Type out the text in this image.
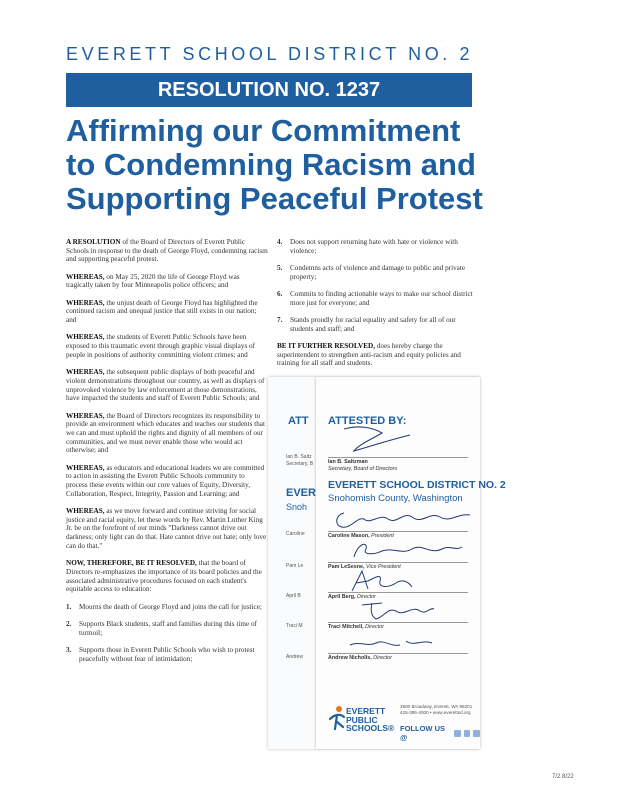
EVERETT SCHOOL DISTRICT NO. 2
RESOLUTION NO. 1237
Affirming our Commitment
to Condemning Racism and
Supporting Peaceful Protest

A RESOLUTION of the Board of Directors of Everett Public Schools in response to the death of George Floyd, condemning racism and supporting peaceful protest.

WHEREAS, on May 25, 2020 the life of George Floyd was tragically taken by four Minneapolis police officers; and

WHEREAS, the unjust death of George Floyd has highlighted the continued racism and unequal justice that still exists in our nation; and

WHEREAS, the students of Everett Public Schools have been exposed to this traumatic event through graphic visual displays of people in positions of authority committing violent crimes; and

WHEREAS, the subsequent public displays of both peaceful and violent demonstrations throughout our country, as well as displays of unprovoked violence by law enforcement at those demonstrations, have impacted the students and staff of Everett Public Schools; and

WHEREAS, the Board of Directors recognizes its responsibility to provide an environment which educates and teaches our students that we can and must uphold the rights and dignity of all members of our communities, and we must never enable those who would act otherwise; and

WHEREAS, as educators and educational leaders we are committed to action in assisting the Everett Public Schools community to process these events within our core values of Equity, Diversity, Collaboration, Respect, Integrity, Passion and Learning; and

WHEREAS, as we move forward and continue striving for social justice and racial equity, let these words by Rev. Martin Luther King Jr. be on the forefront of our minds "Darkness cannot drive out darkness; only light can do that. Hate cannot drive out hate; only love can do that."

NOW, THEREFORE, BE IT RESOLVED, that the board of Directors re-emphasizes the importance of its board policies and the associated administrative procedures focused on each student's equitable access to education:

1.	Mourns the death of George Floyd and joins the call for justice;
2.	Supports Black students, staff and families during this time of turmoil;
3.	Supports those in Everett Public Schools who wish to protest peacefully without fear of intimidation;
4.	Does not support returning hate with hate or violence with violence;
5.	Condemns acts of violence and damage to public and private property;
6.	Commits to finding actionable ways to make our school district more just for everyone; and
7.	Stands proudly for racial equality and safety for all of our students and staff; and

BE IT FURTHER RESOLVED, does hereby charge the superintendent to strengthen anti-racism and equity policies and training for all staff and students.

ATT
Ian B. Saltz
Secretary, B
EVER
Snoh
Caroline
Pam Le
April B
Traci M
Andrew
ATTESTED BY:
Ian B. Saltzman
Secretary, Board of Directors
EVERETT SCHOOL DISTRICT NO. 2
Snohomish County, Washington
Caroline Mason, President
Pam LeSesne, Vice President
April Berg, Director
Traci Mitchell, Director
Andrew Nicholls, Director
EVERETT
PUBLIC
SCHOOLS®
3900 Broadway, Everett, WA 98201
425-385-4000 • www.everettsd.org
FOLLOW US @
7/2 8/22
